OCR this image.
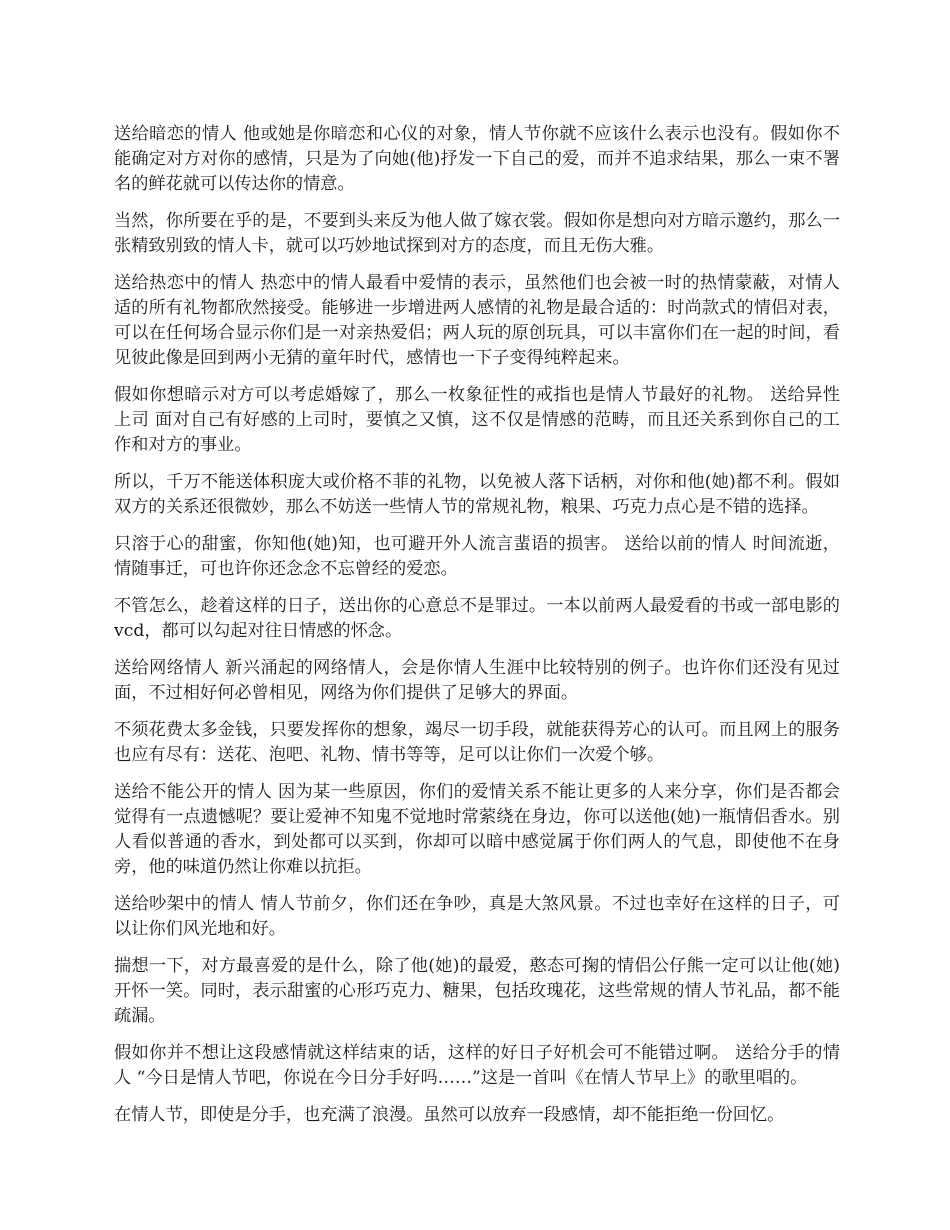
送给暗恋的情人 他或她是你暗恋和心仪的对象，情人节你就不应该什么表示也没有。假如你不能确定对方对你的感情，只是为了向她(他)抒发一下自己的爱，而并不追求结果，那么一束不署名的鲜花就可以传达你的情意。

当然，你所要在乎的是，不要到头来反为他人做了嫁衣裳。假如你是想向对方暗示邀约，那么一张精致别致的情人卡，就可以巧妙地试探到对方的态度，而且无伤大雅。

送给热恋中的情人 热恋中的情人最看中爱情的表示，虽然他们也会被一时的热情蒙蔽，对情人适的所有礼物都欣然接受。能够进一步增进两人感情的礼物是最合适的：时尚款式的情侣对表，可以在任何场合显示你们是一对亲热爱侣；两人玩的原创玩具，可以丰富你们在一起的时间，看见彼此像是回到两小无猜的童年时代，感情也一下子变得纯粹起来。

假如你想暗示对方可以考虑婚嫁了，那么一枚象征性的戒指也是情人节最好的礼物。 送给异性上司 面对自己有好感的上司时，要慎之又慎，这不仅是情感的范畴，而且还关系到你自己的工作和对方的事业。

所以，千万不能送体积庞大或价格不菲的礼物，以免被人落下话柄，对你和他(她)都不利。假如双方的关系还很微妙，那么不妨送一些情人节的常规礼物，粮果、巧克力点心是不错的选择。

只溶于心的甜蜜，你知他(她)知，也可避开外人流言蜚语的损害。 送给以前的情人 时间流逝，情随事迁，可也许你还念念不忘曾经的爱恋。

不管怎么，趁着这样的日子，送出你的心意总不是罪过。一本以前两人最爱看的书或一部电影的 vcd，都可以勾起对往日情感的怀念。

送给网络情人 新兴涌起的网络情人，会是你情人生涯中比较特别的例子。也许你们还没有见过面，不过相好何必曾相见，网络为你们提供了足够大的界面。

不须花费太多金钱，只要发挥你的想象，竭尽一切手段，就能获得芳心的认可。而且网上的服务也应有尽有：送花、泡吧、礼物、情书等等，足可以让你们一次爱个够。

送给不能公开的情人 因为某一些原因，你们的爱情关系不能让更多的人来分享，你们是否都会觉得有一点遗憾呢？要让爱神不知鬼不觉地时常萦绕在身边，你可以送他(她)一瓶情侣香水。别人看似普通的香水，到处都可以买到，你却可以暗中感觉属于你们两人的气息，即使他不在身旁，他的味道仍然让你难以抗拒。

送给吵架中的情人 情人节前夕，你们还在争吵，真是大煞风景。不过也幸好在这样的日子，可以让你们风光地和好。

揣想一下，对方最喜爱的是什么，除了他(她)的最爱，憨态可掬的情侣公仔熊一定可以让他(她)开怀一笑。同时，表示甜蜜的心形巧克力、糖果，包括玫瑰花，这些常规的情人节礼品，都不能疏漏。

假如你并不想让这段感情就这样结束的话，这样的好日子好机会可不能错过啊。 送给分手的情人 “今日是情人节吧，你说在今日分手好吗……”这是一首叫《在情人节早上》的歌里唱的。

在情人节，即使是分手，也充满了浪漫。虽然可以放弃一段感情，却不能拒绝一份回忆。
